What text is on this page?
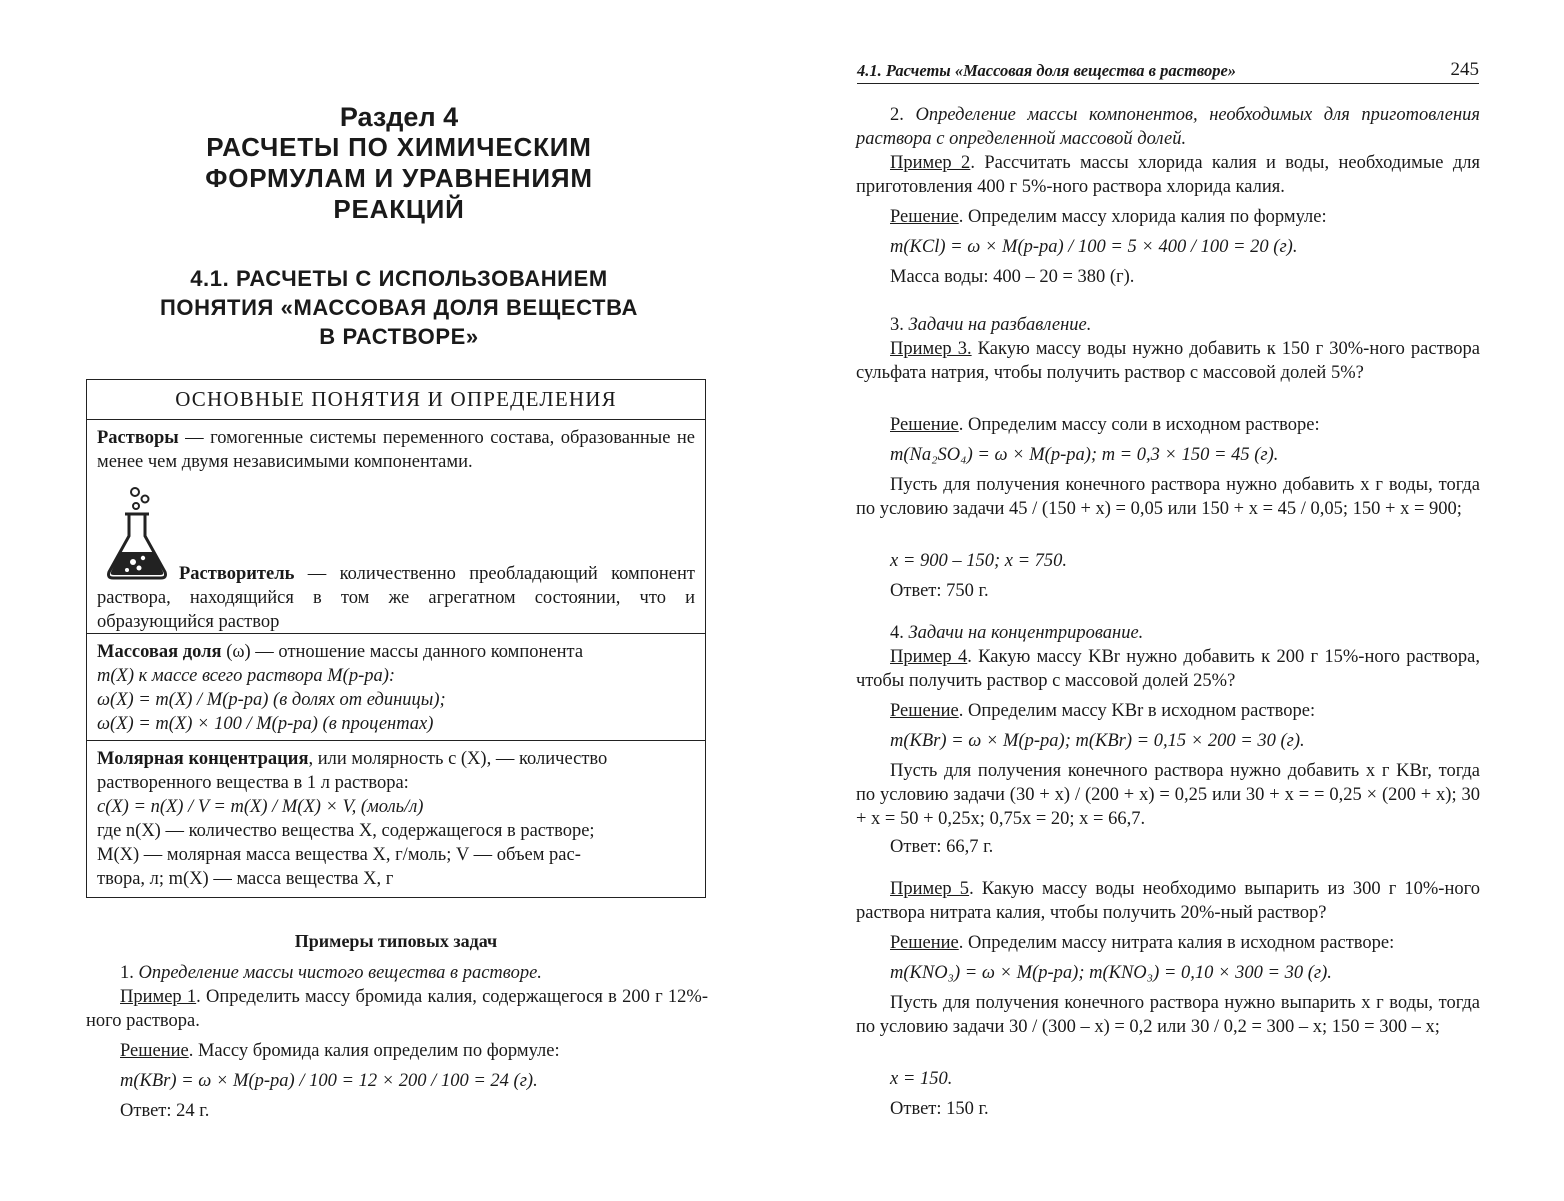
Раздел 4
РАСЧЕТЫ ПО ХИМИЧЕСКИМ
ФОРМУЛАМ И УРАВНЕНИЯМ
РЕАКЦИЙ
4.1. РАСЧЕТЫ С ИСПОЛЬЗОВАНИЕМ
ПОНЯТИЯ «МАССОВАЯ ДОЛЯ ВЕЩЕСТВА
В РАСТВОРЕ»
ОСНОВНЫЕ ПОНЯТИЯ И ОПРЕДЕЛЕНИЯ
Растворы — гомогенные системы переменного состава, образованные не менее чем двумя независимыми компонентами.
Растворитель — количественно преобладающий компонент раствора, находящийся в том же агрегатном состоянии, что и образующийся раствор
Массовая доля (ω) — отношение массы данного компонента
m(X) к массе всего раствора M(р-ра):
ω(X) = m(X) / M(р-ра) (в долях от единицы);
ω(X) = m(X) × 100 / M(р-ра) (в процентах)
Молярная концентрация, или молярность c (X), — количество
растворенного вещества в 1 л раствора:
c(X) = n(X) / V = m(X) / M(X) × V, (моль/л)
где n(X) — количество вещества X, содержащегося в растворе;
M(X) — молярная масса вещества X, г/моль; V — объем рас-
твора, л; m(X) — масса вещества X, г
Примеры типовых задач
1. Определение массы чистого вещества в растворе.
Пример 1. Определить массу бромида калия, содержащегося в 200 г 12%-ного раствора.
Решение. Массу бромида калия определим по формуле:
m(KBr) = ω × M(р-ра) / 100 = 12 × 200 / 100 = 24 (г).
Ответ: 24 г.
4.1. Расчеты «Массовая доля вещества в растворе»	245
2. Определение массы компонентов, необходимых для приготовления раствора с определенной массовой долей.
Пример 2. Рассчитать массы хлорида калия и воды, необходимые для приготовления 400 г 5%-ного раствора хлорида калия.
Решение. Определим массу хлорида калия по формуле:
m(KCl) = ω × M(р-ра) / 100 = 5 × 400 / 100 = 20 (г).
Масса воды: 400 – 20 = 380 (г).
3. Задачи на разбавление.
Пример 3. Какую массу воды нужно добавить к 150 г 30%-ного раствора сульфата натрия, чтобы получить раствор с массовой долей 5%?
Решение. Определим массу соли в исходном растворе:
m(Na₂SO₄) = ω × M(р-ра); m = 0,3 × 150 = 45 (г).
Пусть для получения конечного раствора нужно добавить x г воды, тогда по условию задачи 45 / (150 + x) = 0,05 или 150 + x = 45 / 0,05; 150 + x = 900;
x = 900 – 150; x = 750.
Ответ: 750 г.
4. Задачи на концентрирование.
Пример 4. Какую массу KBr нужно добавить к 200 г 15%-ного раствора, чтобы получить раствор с массовой долей 25%?
Решение. Определим массу KBr в исходном растворе:
m(KBr) = ω × M(р-ра); m(KBr) = 0,15 × 200 = 30 (г).
Пусть для получения конечного раствора нужно добавить x г KBr, тогда по условию задачи (30 + x) / (200 + x) = 0,25 или 30 + x = = 0,25 × (200 + x); 30 + x = 50 + 0,25x; 0,75x = 20; x = 66,7.
Ответ: 66,7 г.
Пример 5. Какую массу воды необходимо выпарить из 300 г 10%-ного раствора нитрата калия, чтобы получить 20%-ный раствор?
Решение. Определим массу нитрата калия в исходном растворе:
m(KNO₃) = ω × M(р-ра); m(KNO₃) = 0,10 × 300 = 30 (г).
Пусть для получения конечного раствора нужно выпарить x г воды, тогда по условию задачи 30 / (300 – x) = 0,2 или 30 / 0,2 = 300 – x; 150 = 300 – x;
x = 150.
Ответ: 150 г.
